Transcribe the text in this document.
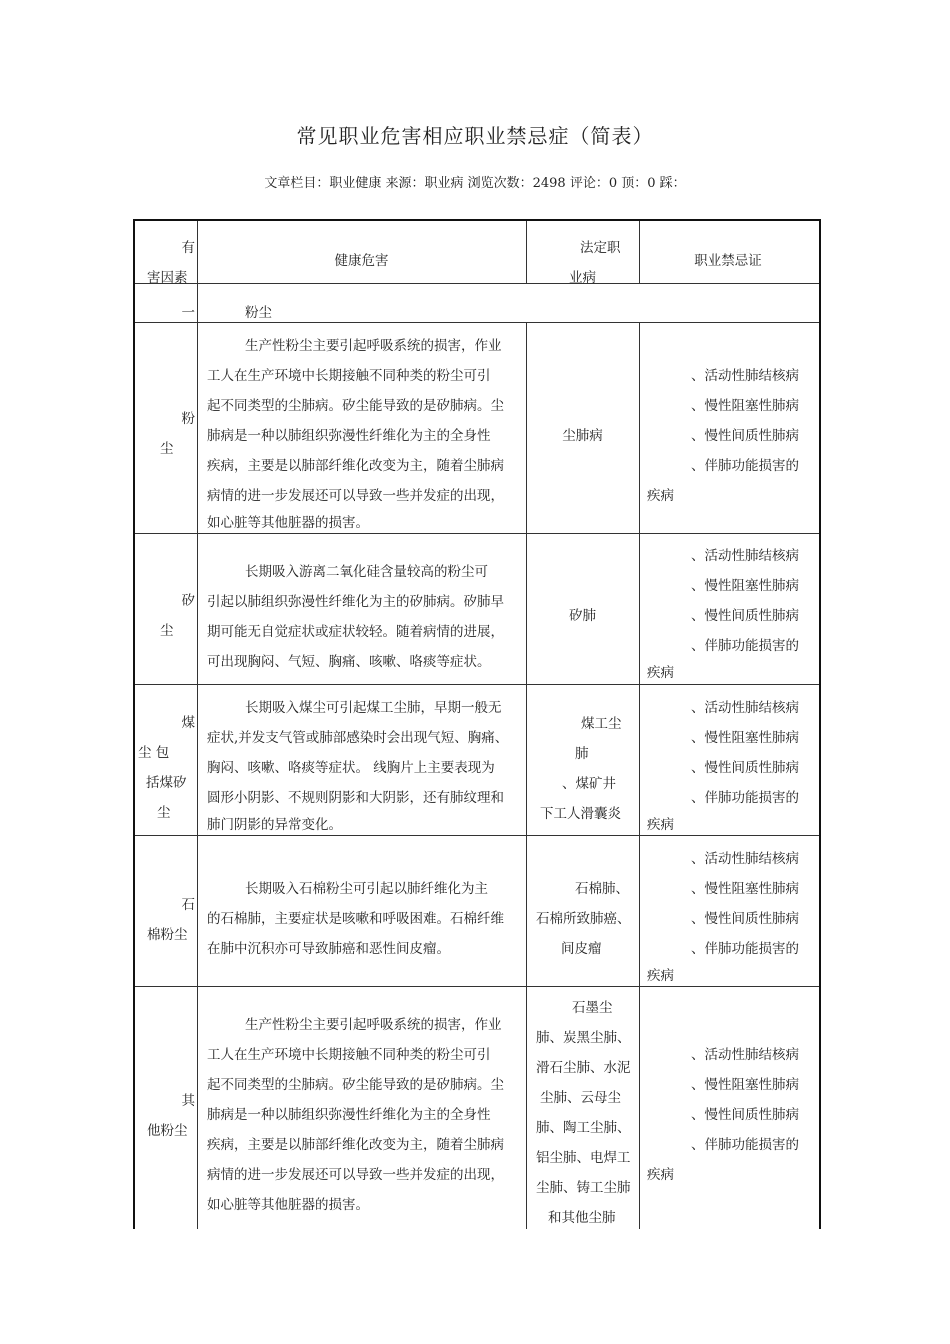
常见职业危害相应职业禁忌症（简表）
文章栏目：职业健康 来源：职业病 浏览次数：2498 评论：0 顶：0 踩：
有
害因素
健康危害
法定职
业病
职业禁忌证
一	粉尘
粉
尘
生产性粉尘主要引起呼吸系统的损害，作业
工人在生产环境中长期接触不同种类的粉尘可引
起不同类型的尘肺病。矽尘能导致的是矽肺病。尘
肺病是一种以肺组织弥漫性纤维化为主的全身性
疾病，主要是以肺部纤维化改变为主，随着尘肺病
病情的进一步发展还可以导致一些并发症的出现，
如心脏等其他脏器的损害。
尘肺病
、活动性肺结核病
、慢性阻塞性肺病
、慢性间质性肺病
、伴肺功能损害的
疾病
矽
尘
长期吸入游离二氧化硅含量较高的粉尘可
引起以肺组织弥漫性纤维化为主的矽肺病。矽肺早
期可能无自觉症状或症状较轻。随着病情的进展，
可出现胸闷、气短、胸痛、咳嗽、咯痰等症状。
矽肺
、活动性肺结核病
、慢性阻塞性肺病
、慢性间质性肺病
、伴肺功能损害的
疾病
煤
尘 包
括煤矽
尘
长期吸入煤尘可引起煤工尘肺，早期一般无
症状,并发支气管或肺部感染时会出现气短、胸痛、
胸闷、咳嗽、咯痰等症状。 线胸片上主要表现为
圆形小阴影、不规则阴影和大阴影，还有肺纹理和
肺门阴影的异常变化。
煤工尘
肺
、煤矿井
下工人滑囊炎
、活动性肺结核病
、慢性阻塞性肺病
、慢性间质性肺病
、伴肺功能损害的
疾病
石
棉粉尘
长期吸入石棉粉尘可引起以肺纤维化为主
的石棉肺，主要症状是咳嗽和呼吸困难。石棉纤维
在肺中沉积亦可导致肺癌和恶性间皮瘤。
石棉肺、
石棉所致肺癌、
间皮瘤
、活动性肺结核病
、慢性阻塞性肺病
、慢性间质性肺病
、伴肺功能损害的
疾病
其
他粉尘
生产性粉尘主要引起呼吸系统的损害，作业
工人在生产环境中长期接触不同种类的粉尘可引
起不同类型的尘肺病。矽尘能导致的是矽肺病。尘
肺病是一种以肺组织弥漫性纤维化为主的全身性
疾病，主要是以肺部纤维化改变为主，随着尘肺病
病情的进一步发展还可以导致一些并发症的出现，
如心脏等其他脏器的损害。
石墨尘
肺、炭黑尘肺、
滑石尘肺、水泥
尘肺、云母尘
肺、陶工尘肺、
铝尘肺、电焊工
尘肺、铸工尘肺
和其他尘肺
、活动性肺结核病
、慢性阻塞性肺病
、慢性间质性肺病
、伴肺功能损害的
疾病
